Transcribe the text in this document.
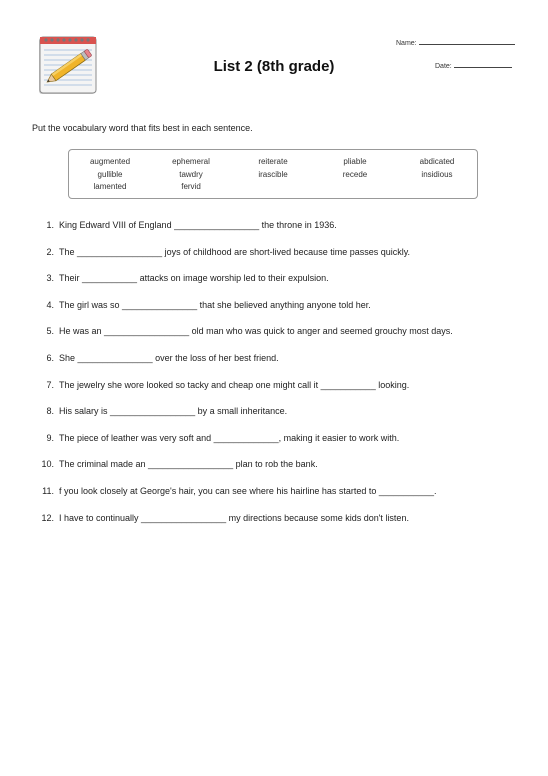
List 2 (8th grade)
Name:
Date:
Put the vocabulary word that fits best in each sentence.
augmented	ephemeral	reiterate	pliable	abdicated
gullible	tawdry	irascible	recede	insidious
lamented	fervid
1. King Edward VIII of England _________________ the throne in 1936.
2. The _________________ joys of childhood are short-lived because time passes quickly.
3. Their ___________ attacks on image worship led to their expulsion.
4. The girl was so _______________ that she believed anything anyone told her.
5. He was an _________________ old man who was quick to anger and seemed grouchy most days.
6. She _______________ over the loss of her best friend.
7. The jewelry she wore looked so tacky and cheap one might call it ___________ looking.
8. His salary is _________________ by a small inheritance.
9. The piece of leather was very soft and _____________, making it easier to work with.
10. The criminal made an _________________ plan to rob the bank.
11. f you look closely at George's hair, you can see where his hairline has started to ___________.
12. I have to continually _________________ my directions because some kids don't listen.
